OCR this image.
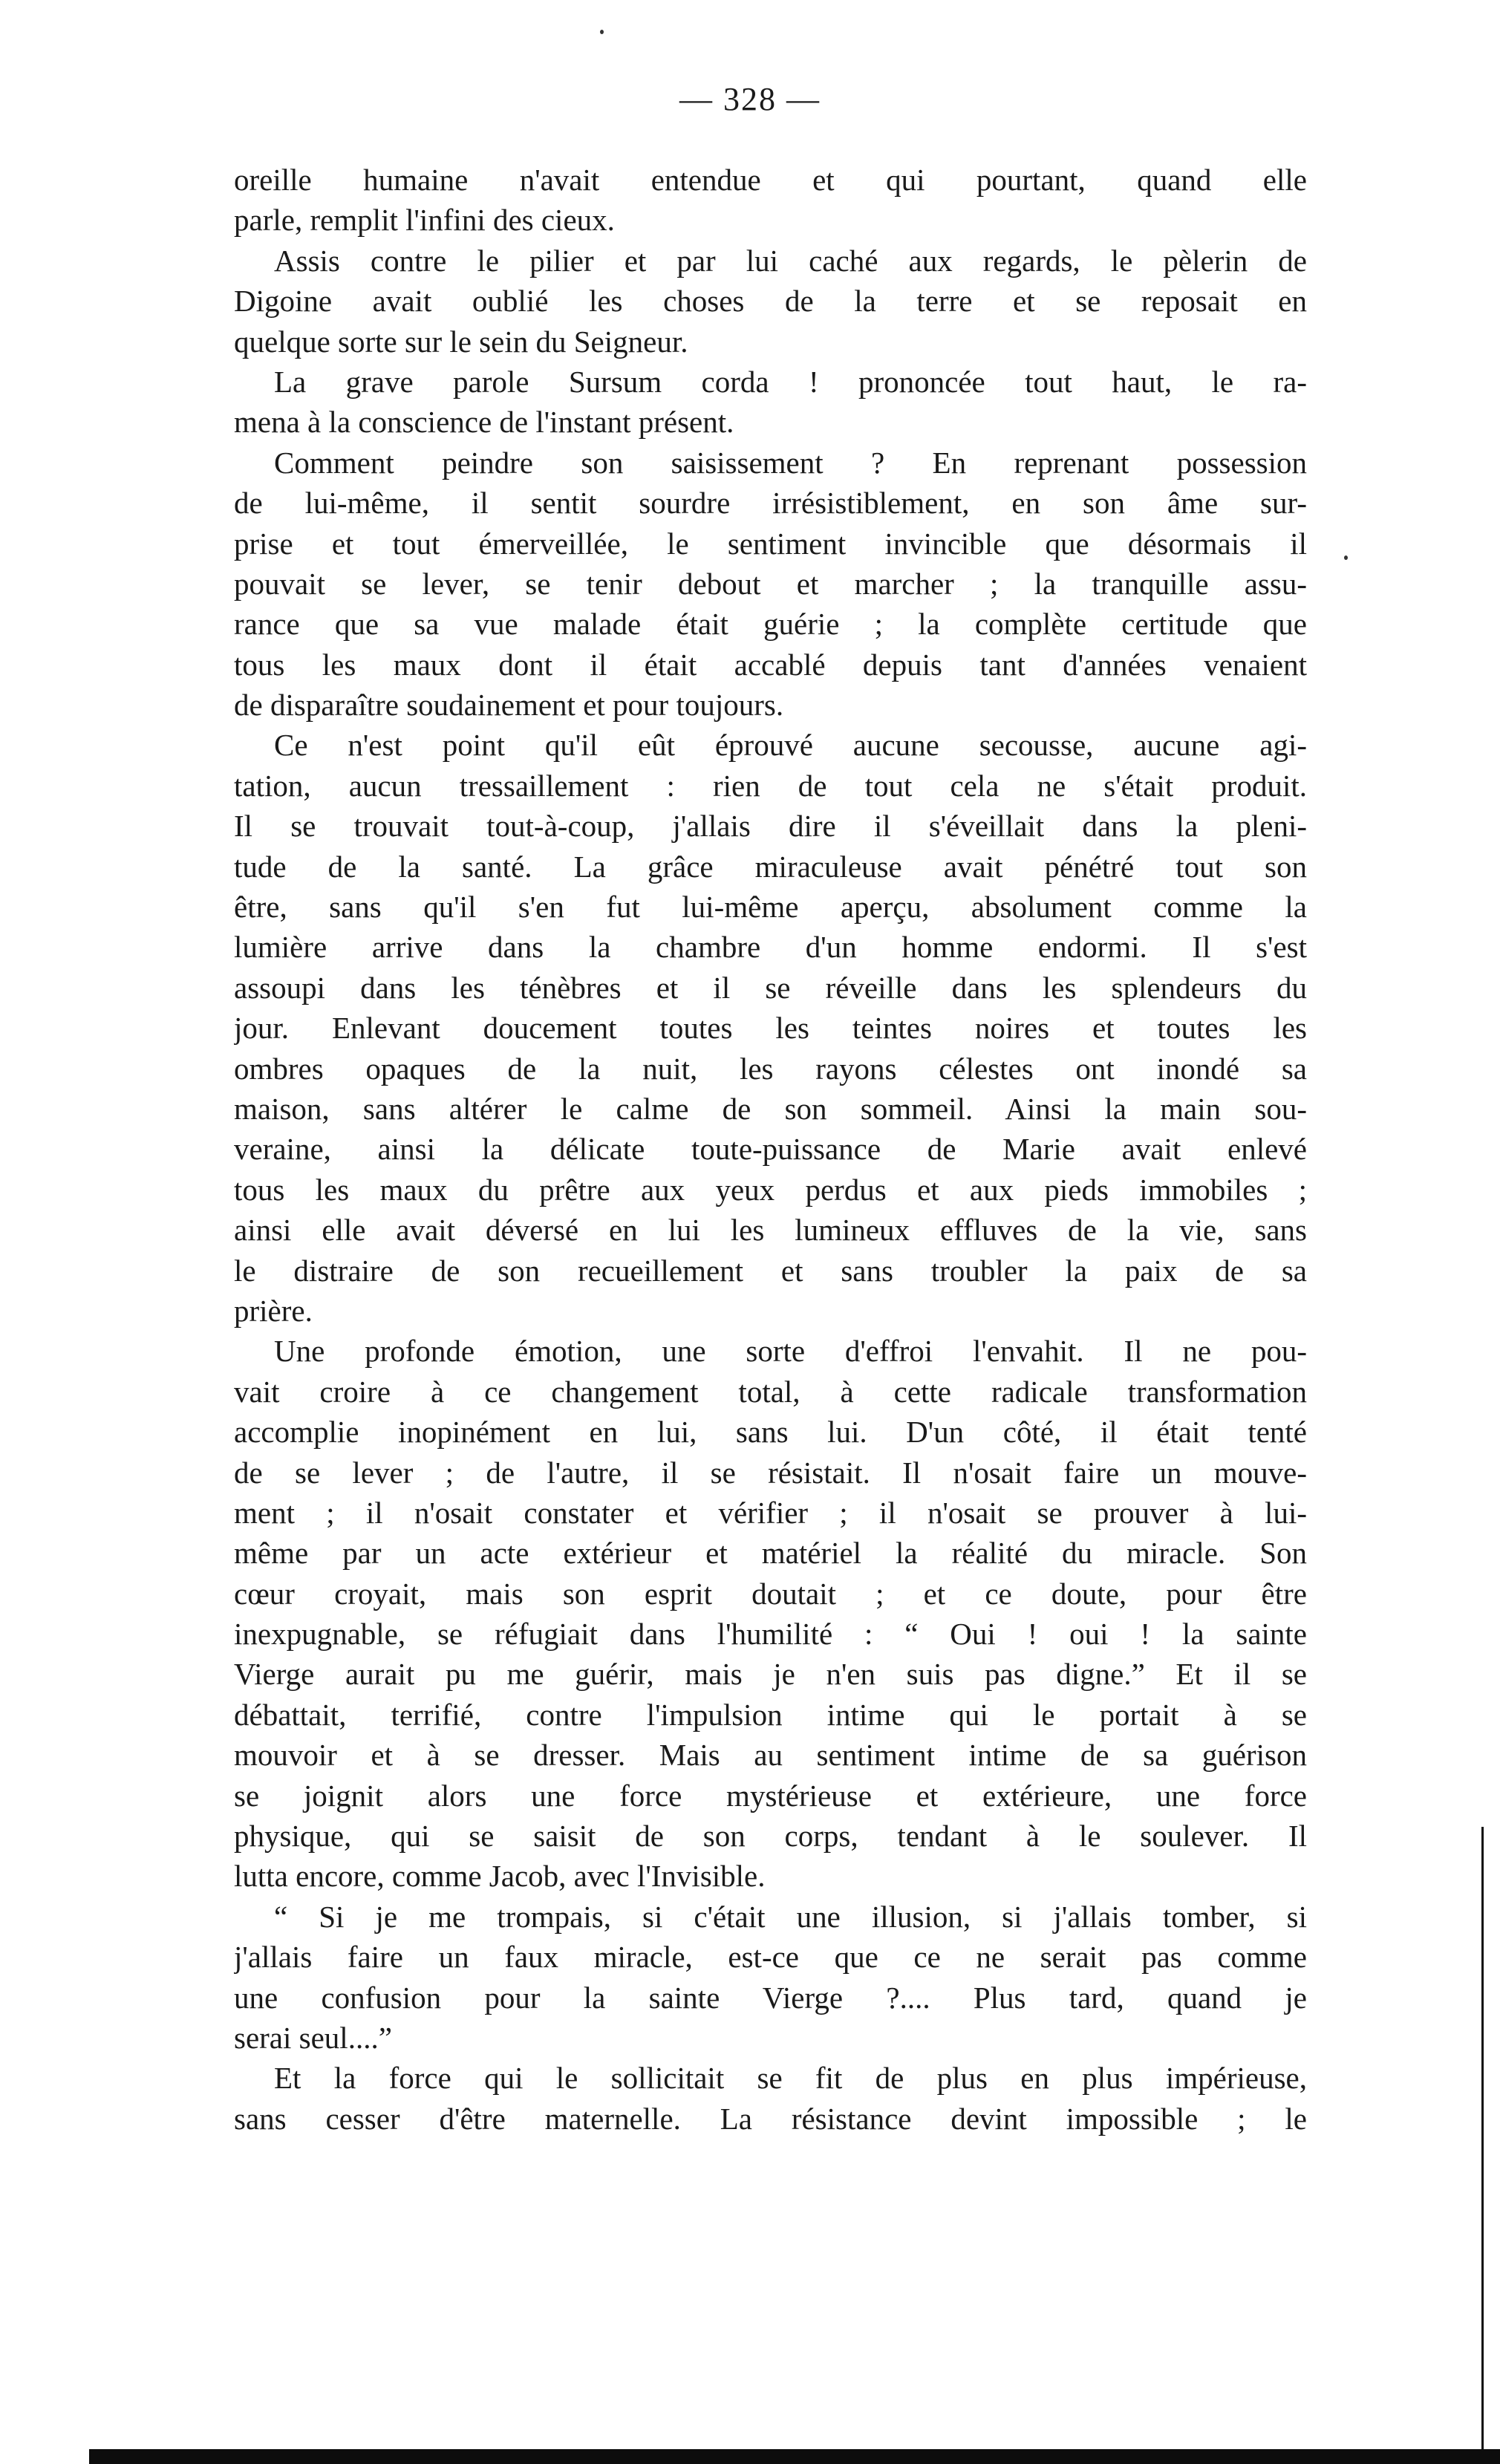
— 328 —
oreille humaine n'avait entendue et qui pourtant, quand elle
parle, remplit l'infini des cieux.
Assis contre le pilier et par lui caché aux regards, le pèlerin de
Digoine avait oublié les choses de la terre et se reposait en
quelque sorte sur le sein du Seigneur.
La grave parole Sursum corda ! prononcée tout haut, le ra-
mena à la conscience de l'instant présent.
Comment peindre son saisissement ? En reprenant possession
de lui-même, il sentit sourdre irrésistiblement, en son âme sur-
prise et tout émerveillée, le sentiment invincible que désormais il
pouvait se lever, se tenir debout et marcher ; la tranquille assu-
rance que sa vue malade était guérie ; la complète certitude que
tous les maux dont il était accablé depuis tant d'années venaient
de disparaître soudainement et pour toujours.
Ce n'est point qu'il eût éprouvé aucune secousse, aucune agi-
tation, aucun tressaillement : rien de tout cela ne s'était produit.
Il se trouvait tout-à-coup, j'allais dire il s'éveillait dans la pleni-
tude de la santé. La grâce miraculeuse avait pénétré tout son
être, sans qu'il s'en fut lui-même aperçu, absolument comme la
lumière arrive dans la chambre d'un homme endormi. Il s'est
assoupi dans les ténèbres et il se réveille dans les splendeurs du
jour. Enlevant doucement toutes les teintes noires et toutes les
ombres opaques de la nuit, les rayons célestes ont inondé sa
maison, sans altérer le calme de son sommeil. Ainsi la main sou-
veraine, ainsi la délicate toute-puissance de Marie avait enlevé
tous les maux du prêtre aux yeux perdus et aux pieds immobiles ;
ainsi elle avait déversé en lui les lumineux effluves de la vie, sans
le distraire de son recueillement et sans troubler la paix de sa
prière.
Une profonde émotion, une sorte d'effroi l'envahit. Il ne pou-
vait croire à ce changement total, à cette radicale transformation
accomplie inopinément en lui, sans lui. D'un côté, il était tenté
de se lever ; de l'autre, il se résistait. Il n'osait faire un mouve-
ment ; il n'osait constater et vérifier ; il n'osait se prouver à lui-
même par un acte extérieur et matériel la réalité du miracle. Son
cœur croyait, mais son esprit doutait ; et ce doute, pour être
inexpugnable, se réfugiait dans l'humilité : “ Oui ! oui ! la sainte
Vierge aurait pu me guérir, mais je n'en suis pas digne.” Et il se
débattait, terrifié, contre l'impulsion intime qui le portait à se
mouvoir et à se dresser. Mais au sentiment intime de sa guérison
se joignit alors une force mystérieuse et extérieure, une force
physique, qui se saisit de son corps, tendant à le soulever. Il
lutta encore, comme Jacob, avec l'Invisible.
“ Si je me trompais, si c'était une illusion, si j'allais tomber, si
j'allais faire un faux miracle, est-ce que ce ne serait pas comme
une confusion pour la sainte Vierge ?.... Plus tard, quand je
serai seul....”
Et la force qui le sollicitait se fit de plus en plus impérieuse,
sans cesser d'être maternelle. La résistance devint impossible ; le
